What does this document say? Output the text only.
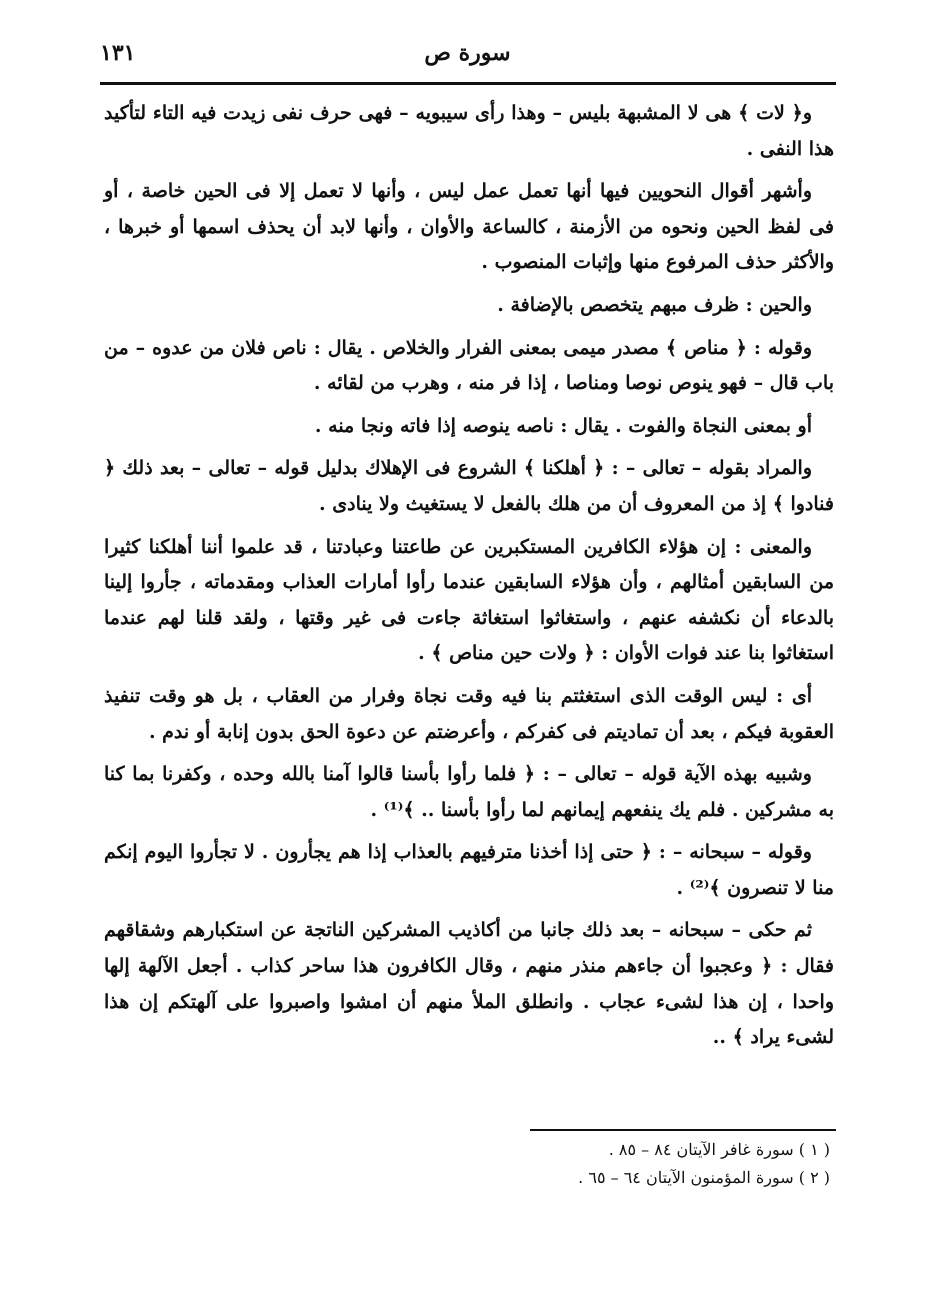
١٣١	سورة ص

و﴿ لات ﴾ هى لا المشبهة بليس – وهذا رأى سيبويه – فهى حرف نفى زيدت فيه التاء لتأكيد هذا النفى .

وأشهر أقوال النحويين فيها أنها تعمل عمل ليس ، وأنها لا تعمل إلا فى الحين خاصة ، أو فى لفظ الحين ونحوه من الأزمنة ، كالساعة والأوان ، وأنها لابد أن يحذف اسمها أو خبرها ، والأكثر حذف المرفوع منها وإثبات المنصوب .

والحين : ظرف مبهم يتخصص بالإضافة .

وقوله : ﴿ مناص ﴾ مصدر ميمى بمعنى الفرار والخلاص . يقال : ناص فلان من عدوه – من باب قال – فهو ينوص نوصا ومناصا ، إذا فر منه ، وهرب من لقائه .

أو بمعنى النجاة والفوت . يقال : ناصه ينوصه إذا فاته ونجا منه .

والمراد بقوله – تعالى – : ﴿ أهلكنا ﴾ الشروع فى الإهلاك بدليل قوله – تعالى – بعد ذلك ﴿ فنادوا ﴾ إذ من المعروف أن من هلك بالفعل لا يستغيث ولا ينادى .

والمعنى : إن هؤلاء الكافرين المستكبرين عن طاعتنا وعبادتنا ، قد علموا أننا أهلكنا كثيرا من السابقين أمثالهم ، وأن هؤلاء السابقين عندما رأوا أمارات العذاب ومقدماته ، جأروا إلينا بالدعاء أن نكشفه عنهم ، واستغاثوا استغاثة جاءت فى غير وقتها ، ولقد قلنا لهم عندما استغاثوا بنا عند فوات الأوان : ﴿ ولات حين مناص ﴾ .

أى : ليس الوقت الذى استغثتم بنا فيه وقت نجاة وفرار من العقاب ، بل هو وقت تنفيذ العقوبة فيكم ، بعد أن تماديتم فى كفركم ، وأعرضتم عن دعوة الحق بدون إنابة أو ندم .

وشبيه بهذه الآية قوله – تعالى – : ﴿ فلما رأوا بأسنا قالوا آمنا بالله وحده ، وكفرنا بما كنا به مشركين . فلم يك ينفعهم إيمانهم لما رأوا بأسنا .. ﴾⁽¹⁾ .

وقوله – سبحانه – : ﴿ حتى إذا أخذنا مترفيهم بالعذاب إذا هم يجأرون . لا تجأروا اليوم إنكم منا لا تنصرون ﴾⁽²⁾ .

ثم حكى – سبحانه – بعد ذلك جانبا من أكاذيب المشركين الناتجة عن استكبارهم وشقاقهم فقال : ﴿ وعجبوا أن جاءهم منذر منهم ، وقال الكافرون هذا ساحر كذاب . أجعل الآلهة إلها واحدا ، إن هذا لشىء عجاب . وانطلق الملأ منهم أن امشوا واصبروا على آلهتكم إن هذا لشىء يراد ﴾ ..

( ١ ) سورة غافر الآيتان ٨٤ – ٨٥ .

( ٢ ) سورة المؤمنون الآيتان ٦٤ – ٦٥ .
